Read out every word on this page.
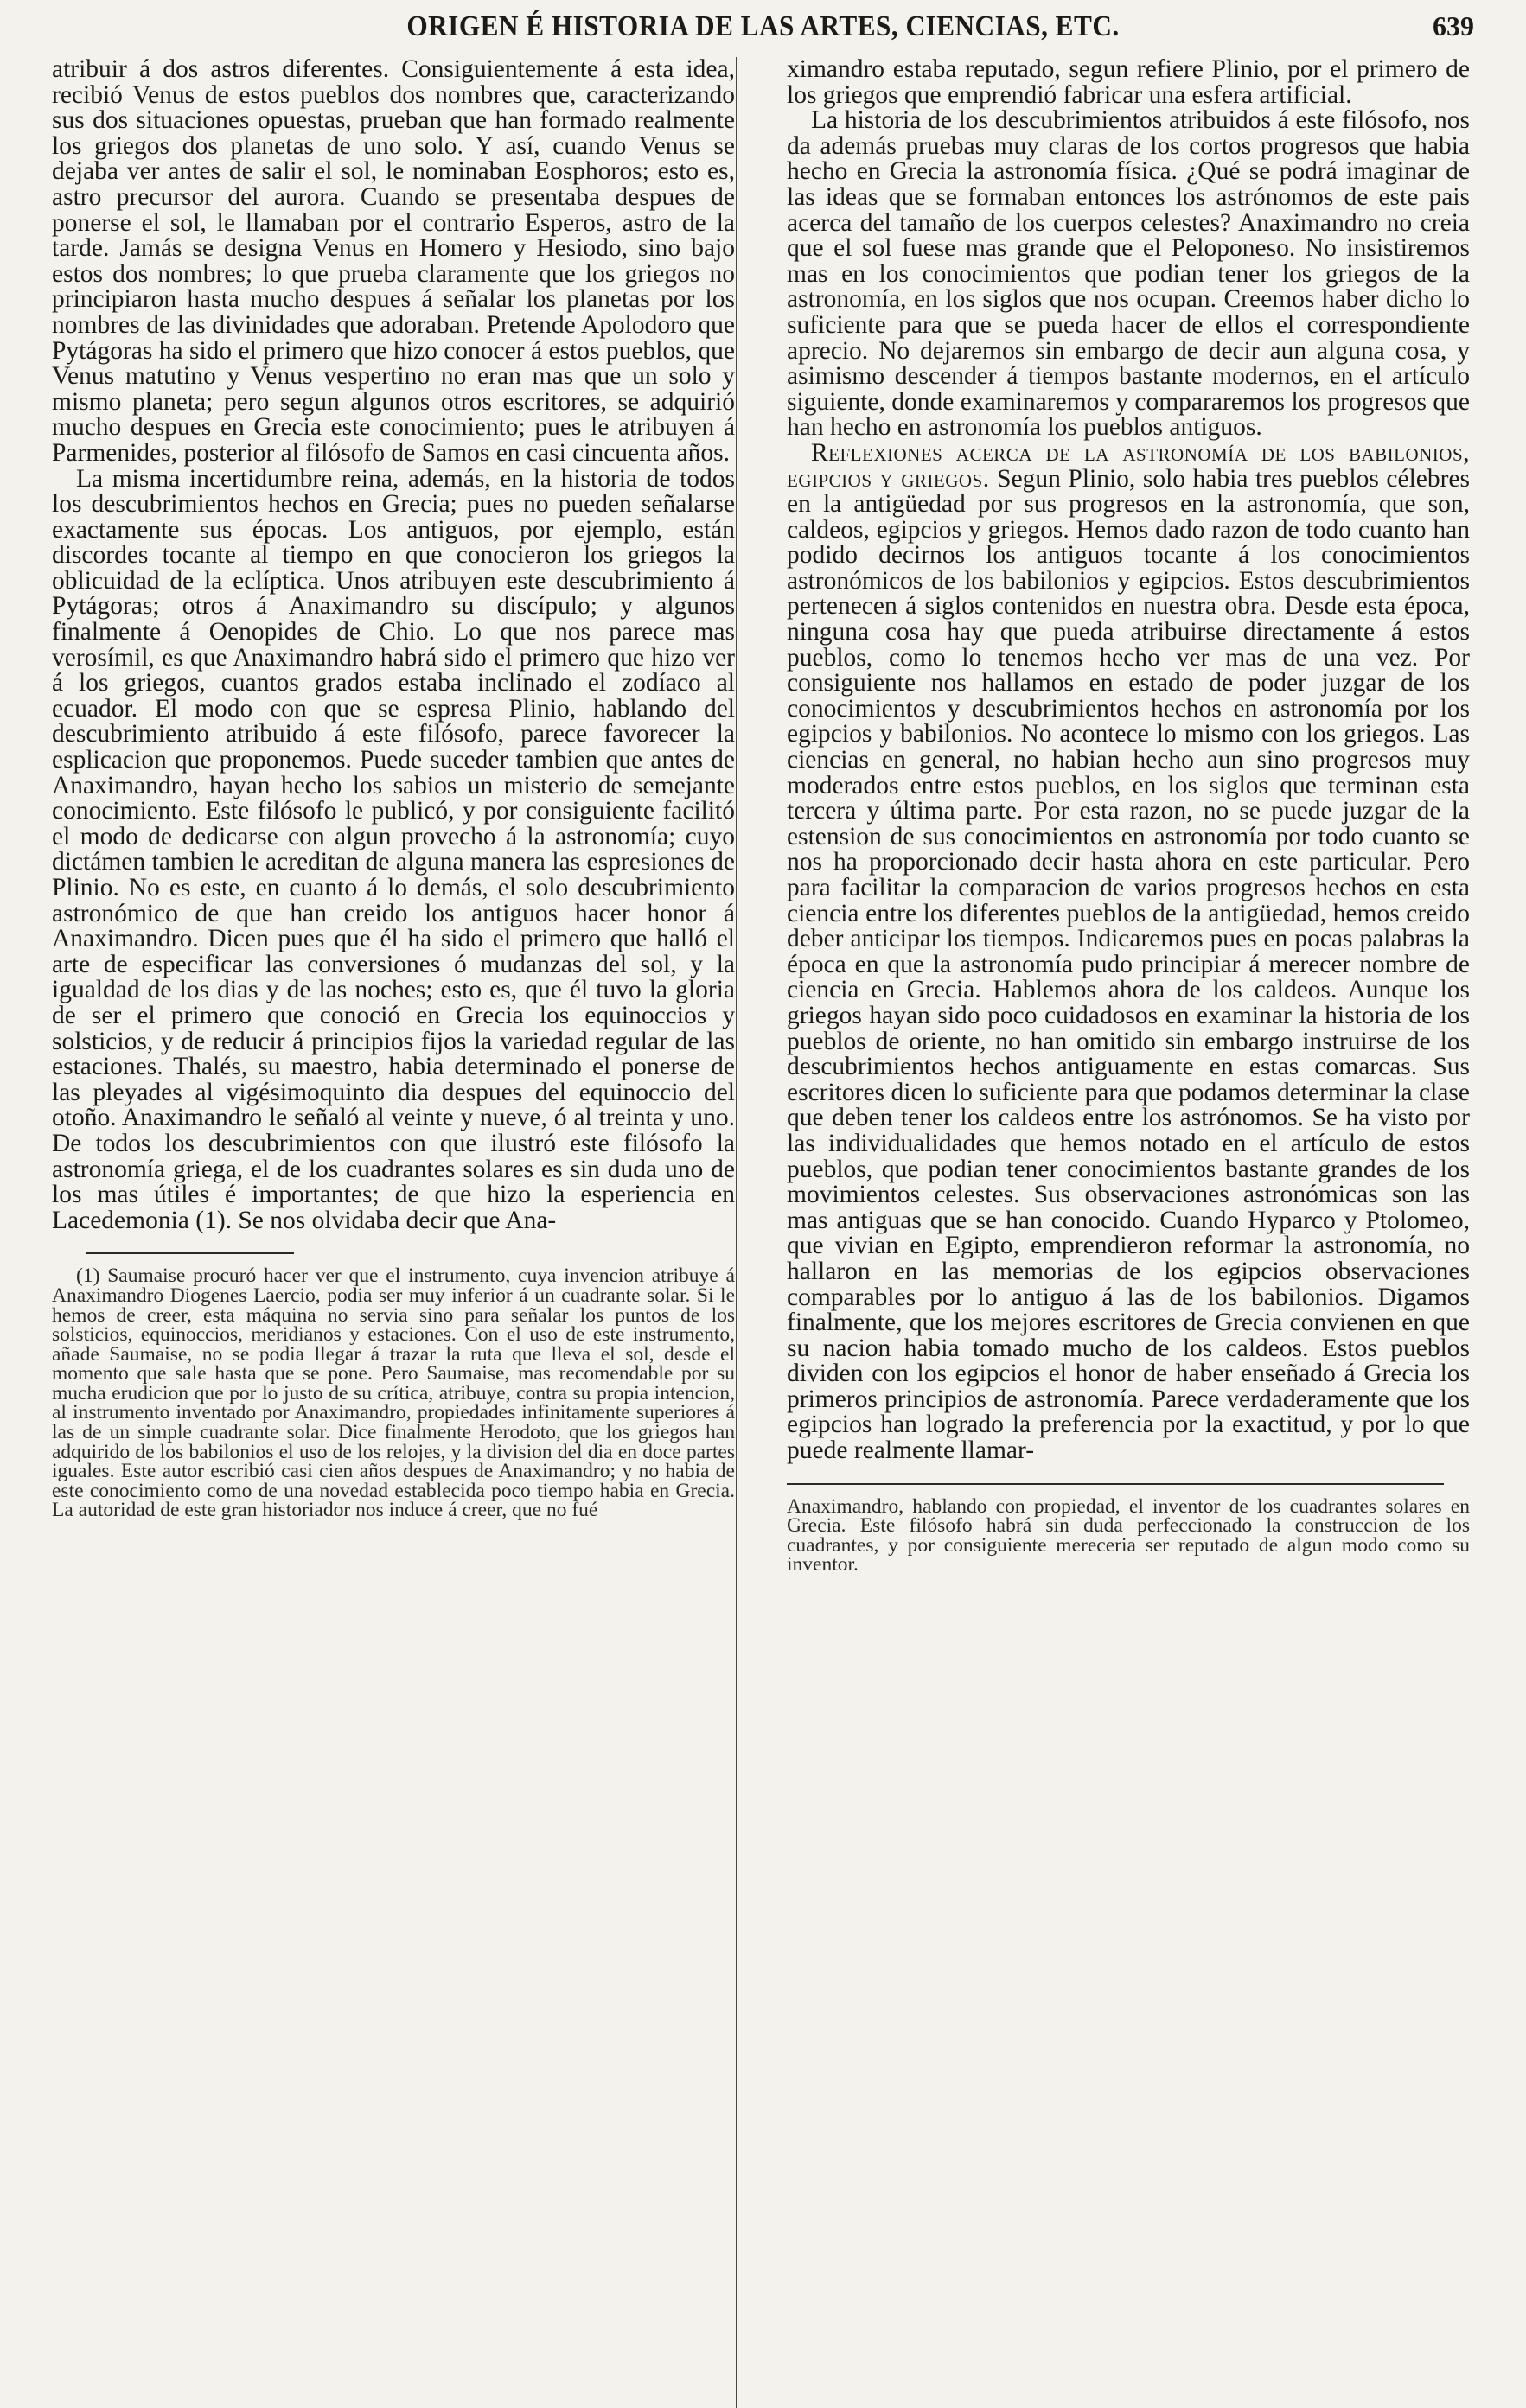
ORIGEN É HISTORIA DE LAS ARTES, CIENCIAS, ETC.	639

atribuir á dos astros diferentes. Consiguientemente á esta idea, recibió Venus de estos pueblos dos nombres que, caracterizando sus dos situaciones opuestas, prueban que han formado realmente los griegos dos planetas de uno solo. Y así, cuando Venus se dejaba ver antes de salir el sol, le nominaban Eosphoros; esto es, astro precursor del aurora. Cuando se presentaba despues de ponerse el sol, le llamaban por el contrario Esperos, astro de la tarde. Jamás se designa Venus en Homero y Hesiodo, sino bajo estos dos nombres; lo que prueba claramente que los griegos no principiaron hasta mucho despues á señalar los planetas por los nombres de las divinidades que adoraban. Pretende Apolodoro que Pytágoras ha sido el primero que hizo conocer á estos pueblos, que Venus matutino y Venus vespertino no eran mas que un solo y mismo planeta; pero segun algunos otros escritores, se adquirió mucho despues en Grecia este conocimiento; pues le atribuyen á Parmenides, posterior al filósofo de Samos en casi cincuenta años.

La misma incertidumbre reina, además, en la historia de todos los descubrimientos hechos en Grecia; pues no pueden señalarse exactamente sus épocas. Los antiguos, por ejemplo, están discordes tocante al tiempo en que conocieron los griegos la oblicuidad de la eclíptica. Unos atribuyen este descubrimiento á Pytágoras; otros á Anaximandro su discípulo; y algunos finalmente á Oenopides de Chio. Lo que nos parece mas verosímil, es que Anaximandro habrá sido el primero que hizo ver á los griegos, cuantos grados estaba inclinado el zodíaco al ecuador. El modo con que se espresa Plinio, hablando del descubrimiento atribuido á este filósofo, parece favorecer la esplicacion que proponemos. Puede suceder tambien que antes de Anaximandro, hayan hecho los sabios un misterio de semejante conocimiento. Este filósofo le publicó, y por consiguiente facilitó el modo de dedicarse con algun provecho á la astronomía; cuyo dictámen tambien le acreditan de alguna manera las espresiones de Plinio. No es este, en cuanto á lo demás, el solo descubrimiento astronómico de que han creido los antiguos hacer honor á Anaximandro. Dicen pues que él ha sido el primero que halló el arte de especificar las conversiones ó mudanzas del sol, y la igualdad de los dias y de las noches; esto es, que él tuvo la gloria de ser el primero que conoció en Grecia los equinoccios y solsticios, y de reducir á principios fijos la variedad regular de las estaciones. Thalés, su maestro, habia determinado el ponerse de las pleyades al vigésimoquinto dia despues del equinoccio del otoño. Anaximandro le señaló al veinte y nueve, ó al treinta y uno. De todos los descubrimientos con que ilustró este filósofo la astronomía griega, el de los cuadrantes solares es sin duda uno de los mas útiles é importantes; de que hizo la esperiencia en Lacedemonia (1). Se nos olvidaba decir que Ana-

(1) Saumaise procuró hacer ver que el instrumento, cuya invencion atribuye á Anaximandro Diogenes Laercio, podia ser muy inferior á un cuadrante solar. Si le hemos de creer, esta máquina no servia sino para señalar los puntos de los solsticios, equinoccios, meridianos y estaciones. Con el uso de este instrumento, añade Saumaise, no se podia llegar á trazar la ruta que lleva el sol, desde el momento que sale hasta que se pone. Pero Saumaise, mas recomendable por su mucha erudicion que por lo justo de su crítica, atribuye, contra su propia intencion, al instrumento inventado por Anaximandro, propiedades infinitamente superiores á las de un simple cuadrante solar. Dice finalmente Herodoto, que los griegos han adquirido de los babilonios el uso de los relojes, y la division del dia en doce partes iguales. Este autor escribió casi cien años despues de Anaximandro; y no habia de este conocimiento como de una novedad establecida poco tiempo habia en Grecia. La autoridad de este gran historiador nos induce á creer, que no fué

ximandro estaba reputado, segun refiere Plinio, por el primero de los griegos que emprendió fabricar una esfera artificial.

La historia de los descubrimientos atribuidos á este filósofo, nos da además pruebas muy claras de los cortos progresos que habia hecho en Grecia la astronomía física. ¿Qué se podrá imaginar de las ideas que se formaban entonces los astrónomos de este pais acerca del tamaño de los cuerpos celestes? Anaximandro no creia que el sol fuese mas grande que el Peloponeso. No insistiremos mas en los conocimientos que podian tener los griegos de la astronomía, en los siglos que nos ocupan. Creemos haber dicho lo suficiente para que se pueda hacer de ellos el correspondiente aprecio. No dejaremos sin embargo de decir aun alguna cosa, y asimismo descender á tiempos bastante modernos, en el artículo siguiente, donde examinaremos y compararemos los progresos que han hecho en astronomía los pueblos antiguos.

Reflexiones acerca de la astronomía de los babilonios, egipcios y griegos. Segun Plinio, solo habia tres pueblos célebres en la antigüedad por sus progresos en la astronomía, que son, caldeos, egipcios y griegos. Hemos dado razon de todo cuanto han podido decirnos los antiguos tocante á los conocimientos astronómicos de los babilonios y egipcios. Estos descubrimientos pertenecen á siglos contenidos en nuestra obra. Desde esta época, ninguna cosa hay que pueda atribuirse directamente á estos pueblos, como lo tenemos hecho ver mas de una vez. Por consiguiente nos hallamos en estado de poder juzgar de los conocimientos y descubrimientos hechos en astronomía por los egipcios y babilonios. No acontece lo mismo con los griegos. Las ciencias en general, no habian hecho aun sino progresos muy moderados entre estos pueblos, en los siglos que terminan esta tercera y última parte. Por esta razon, no se puede juzgar de la estension de sus conocimientos en astronomía por todo cuanto se nos ha proporcionado decir hasta ahora en este particular. Pero para facilitar la comparacion de varios progresos hechos en esta ciencia entre los diferentes pueblos de la antigüedad, hemos creido deber anticipar los tiempos. Indicaremos pues en pocas palabras la época en que la astronomía pudo principiar á merecer nombre de ciencia en Grecia. Hablemos ahora de los caldeos. Aunque los griegos hayan sido poco cuidadosos en examinar la historia de los pueblos de oriente, no han omitido sin embargo instruirse de los descubrimientos hechos antiguamente en estas comarcas. Sus escritores dicen lo suficiente para que podamos determinar la clase que deben tener los caldeos entre los astrónomos. Se ha visto por las individualidades que hemos notado en el artículo de estos pueblos, que podian tener conocimientos bastante grandes de los movimientos celestes. Sus observaciones astronómicas son las mas antiguas que se han conocido. Cuando Hyparco y Ptolomeo, que vivian en Egipto, emprendieron reformar la astronomía, no hallaron en las memorias de los egipcios observaciones comparables por lo antiguo á las de los babilonios. Digamos finalmente, que los mejores escritores de Grecia convienen en que su nacion habia tomado mucho de los caldeos. Estos pueblos dividen con los egipcios el honor de haber enseñado á Grecia los primeros principios de astronomía. Parece verdaderamente que los egipcios han logrado la preferencia por la exactitud, y por lo que puede realmente llamar-

Anaximandro, hablando con propiedad, el inventor de los cuadrantes solares en Grecia. Este filósofo habrá sin duda perfeccionado la construccion de los cuadrantes, y por consiguiente mereceria ser reputado de algun modo como su inventor.
